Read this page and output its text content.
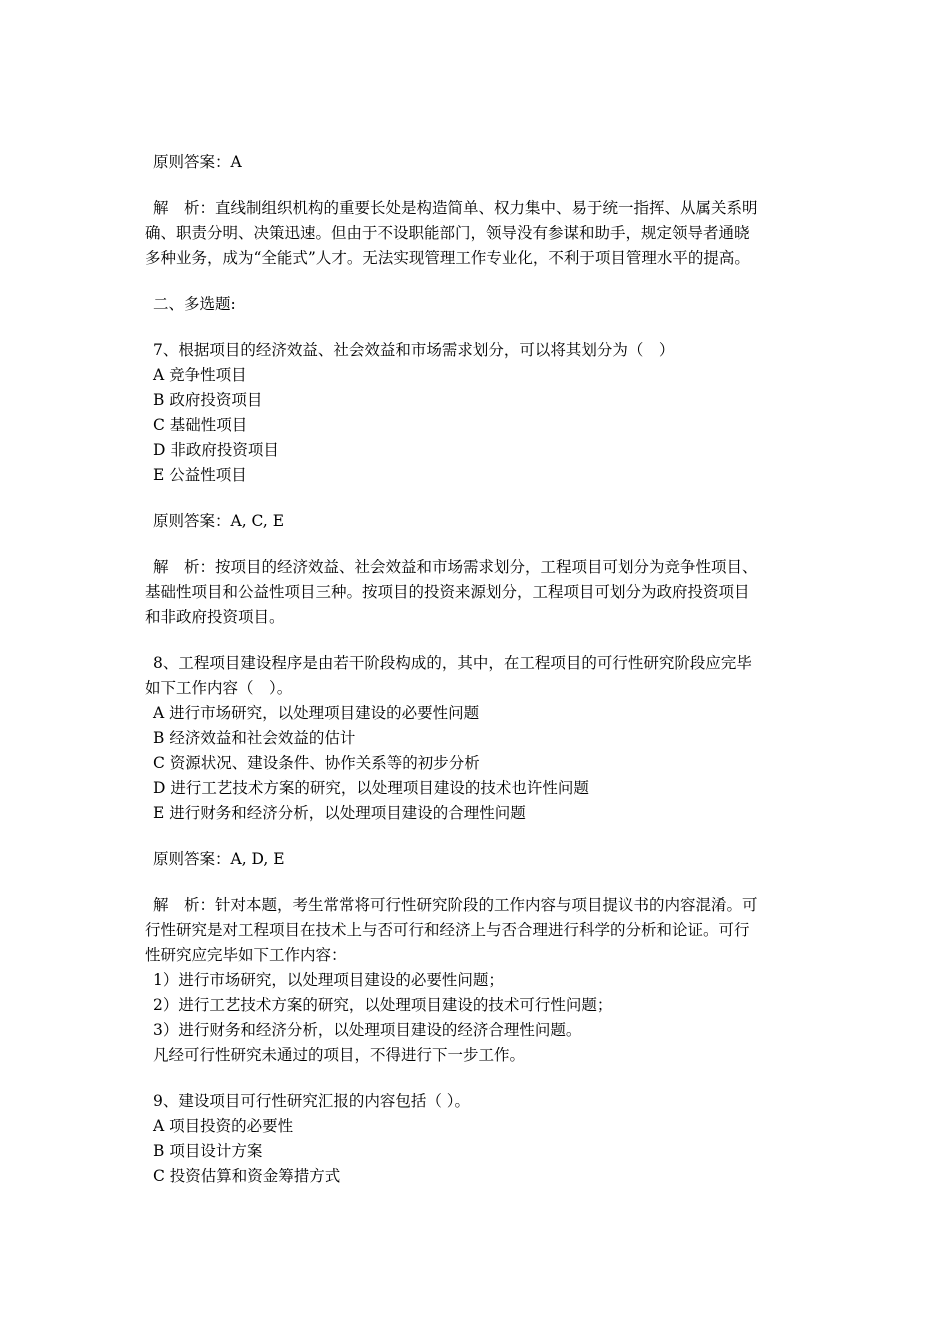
原则答案：A
解　析：直线制组织机构的重要长处是构造简单、权力集中、易于统一指挥、从属关系明
确、职责分明、决策迅速。但由于不设职能部门，领导没有参谋和助手，规定领导者通晓
多种业务，成为“全能式”人才。无法实现管理工作专业化，不利于项目管理水平的提高。
二、多选题:
7、根据项目的经济效益、社会效益和市场需求划分，可以将其划分为（　）
A 竞争性项目
B 政府投资项目
C 基础性项目
D 非政府投资项目
E 公益性项目
原则答案：A, C, E
解　析：按项目的经济效益、社会效益和市场需求划分，工程项目可划分为竞争性项目、
基础性项目和公益性项目三种。按项目的投资来源划分，工程项目可划分为政府投资项目
和非政府投资项目。
8、工程项目建设程序是由若干阶段构成的，其中，在工程项目的可行性研究阶段应完毕
如下工作内容（　）。
A 进行市场研究，以处理项目建设的必要性问题
B 经济效益和社会效益的估计
C 资源状况、建设条件、协作关系等的初步分析
D 进行工艺技术方案的研究，以处理项目建设的技术也许性问题
E 进行财务和经济分析，以处理项目建设的合理性问题
原则答案：A, D, E
解　析：针对本题，考生常常将可行性研究阶段的工作内容与项目提议书的内容混淆。可
行性研究是对工程项目在技术上与否可行和经济上与否合理进行科学的分析和论证。可行
性研究应完毕如下工作内容：
1）进行市场研究，以处理项目建设的必要性问题；
2）进行工艺技术方案的研究，以处理项目建设的技术可行性问题；
3）进行财务和经济分析，以处理项目建设的经济合理性问题。
凡经可行性研究未通过的项目，不得进行下一步工作。
9、建设项目可行性研究汇报的内容包括（ ）。
A 项目投资的必要性
B 项目设计方案
C 投资估算和资金筹措方式
